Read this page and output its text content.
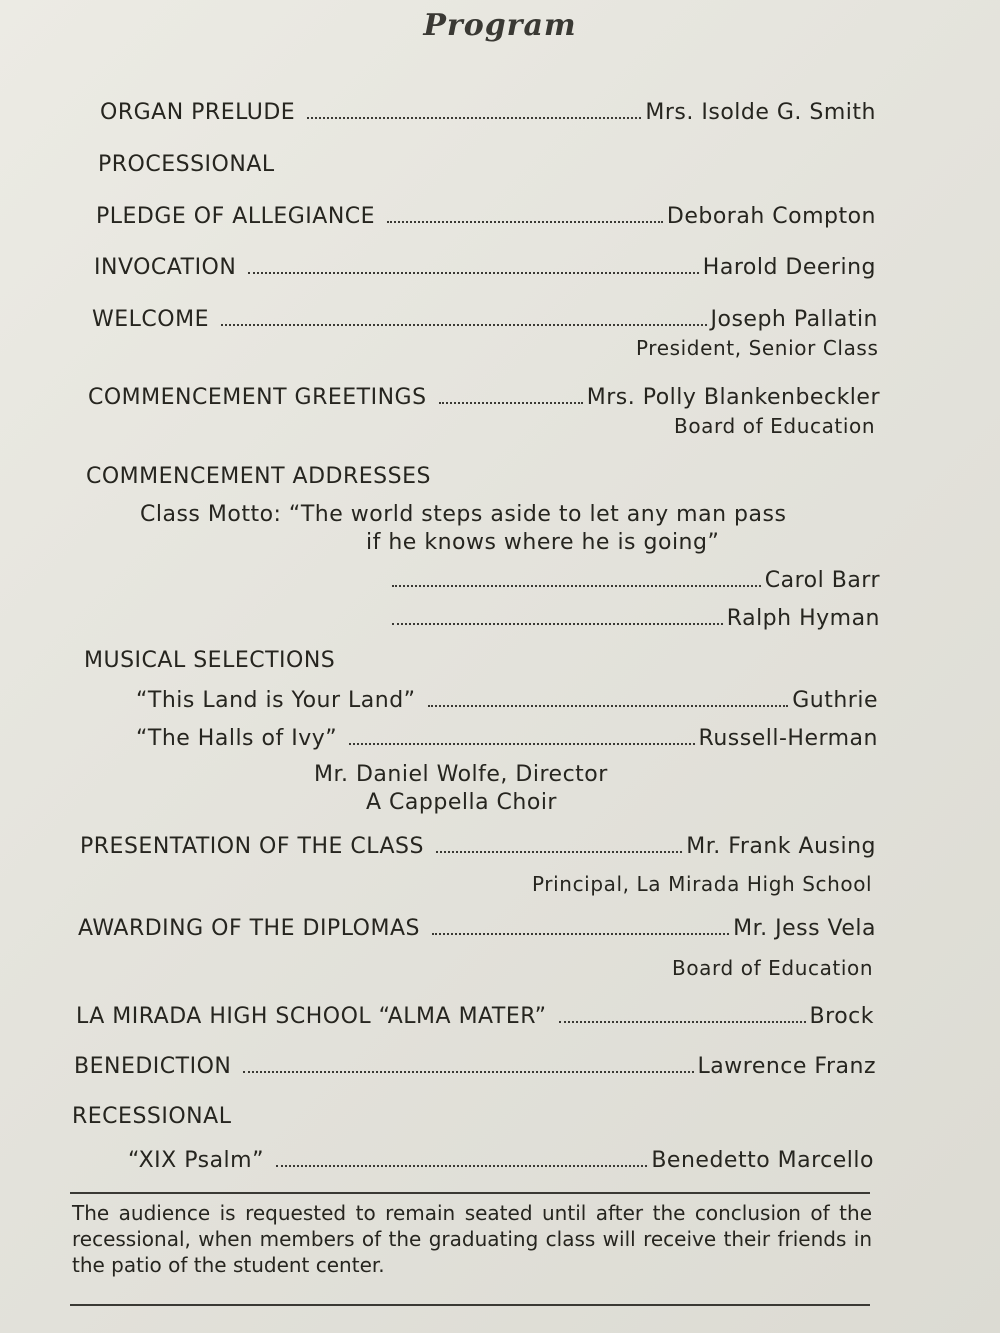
Program
ORGAN PRELUDE	Mrs. Isolde G. Smith
PROCESSIONAL
PLEDGE OF ALLEGIANCE	Deborah Compton
INVOCATION	Harold Deering
WELCOME	Joseph Pallatin
President, Senior Class
COMMENCEMENT GREETINGS	Mrs. Polly Blankenbeckler
Board of Education
COMMENCEMENT ADDRESSES
Class Motto: “The world steps aside to let any man pass
if he knows where he is going”
Carol Barr
Ralph Hyman
MUSICAL SELECTIONS
“This Land is Your Land”	Guthrie
“The Halls of Ivy”	Russell-Herman
Mr. Daniel Wolfe, Director
A Cappella Choir
PRESENTATION OF THE CLASS	Mr. Frank Ausing
Principal, La Mirada High School
AWARDING OF THE DIPLOMAS	Mr. Jess Vela
Board of Education
LA MIRADA HIGH SCHOOL “ALMA MATER”	Brock
BENEDICTION	Lawrence Franz
RECESSIONAL
“XIX Psalm”	Benedetto Marcello
The audience is requested to remain seated until after the conclusion of the recessional, when members of the graduating class will receive their friends in the patio of the student center.
